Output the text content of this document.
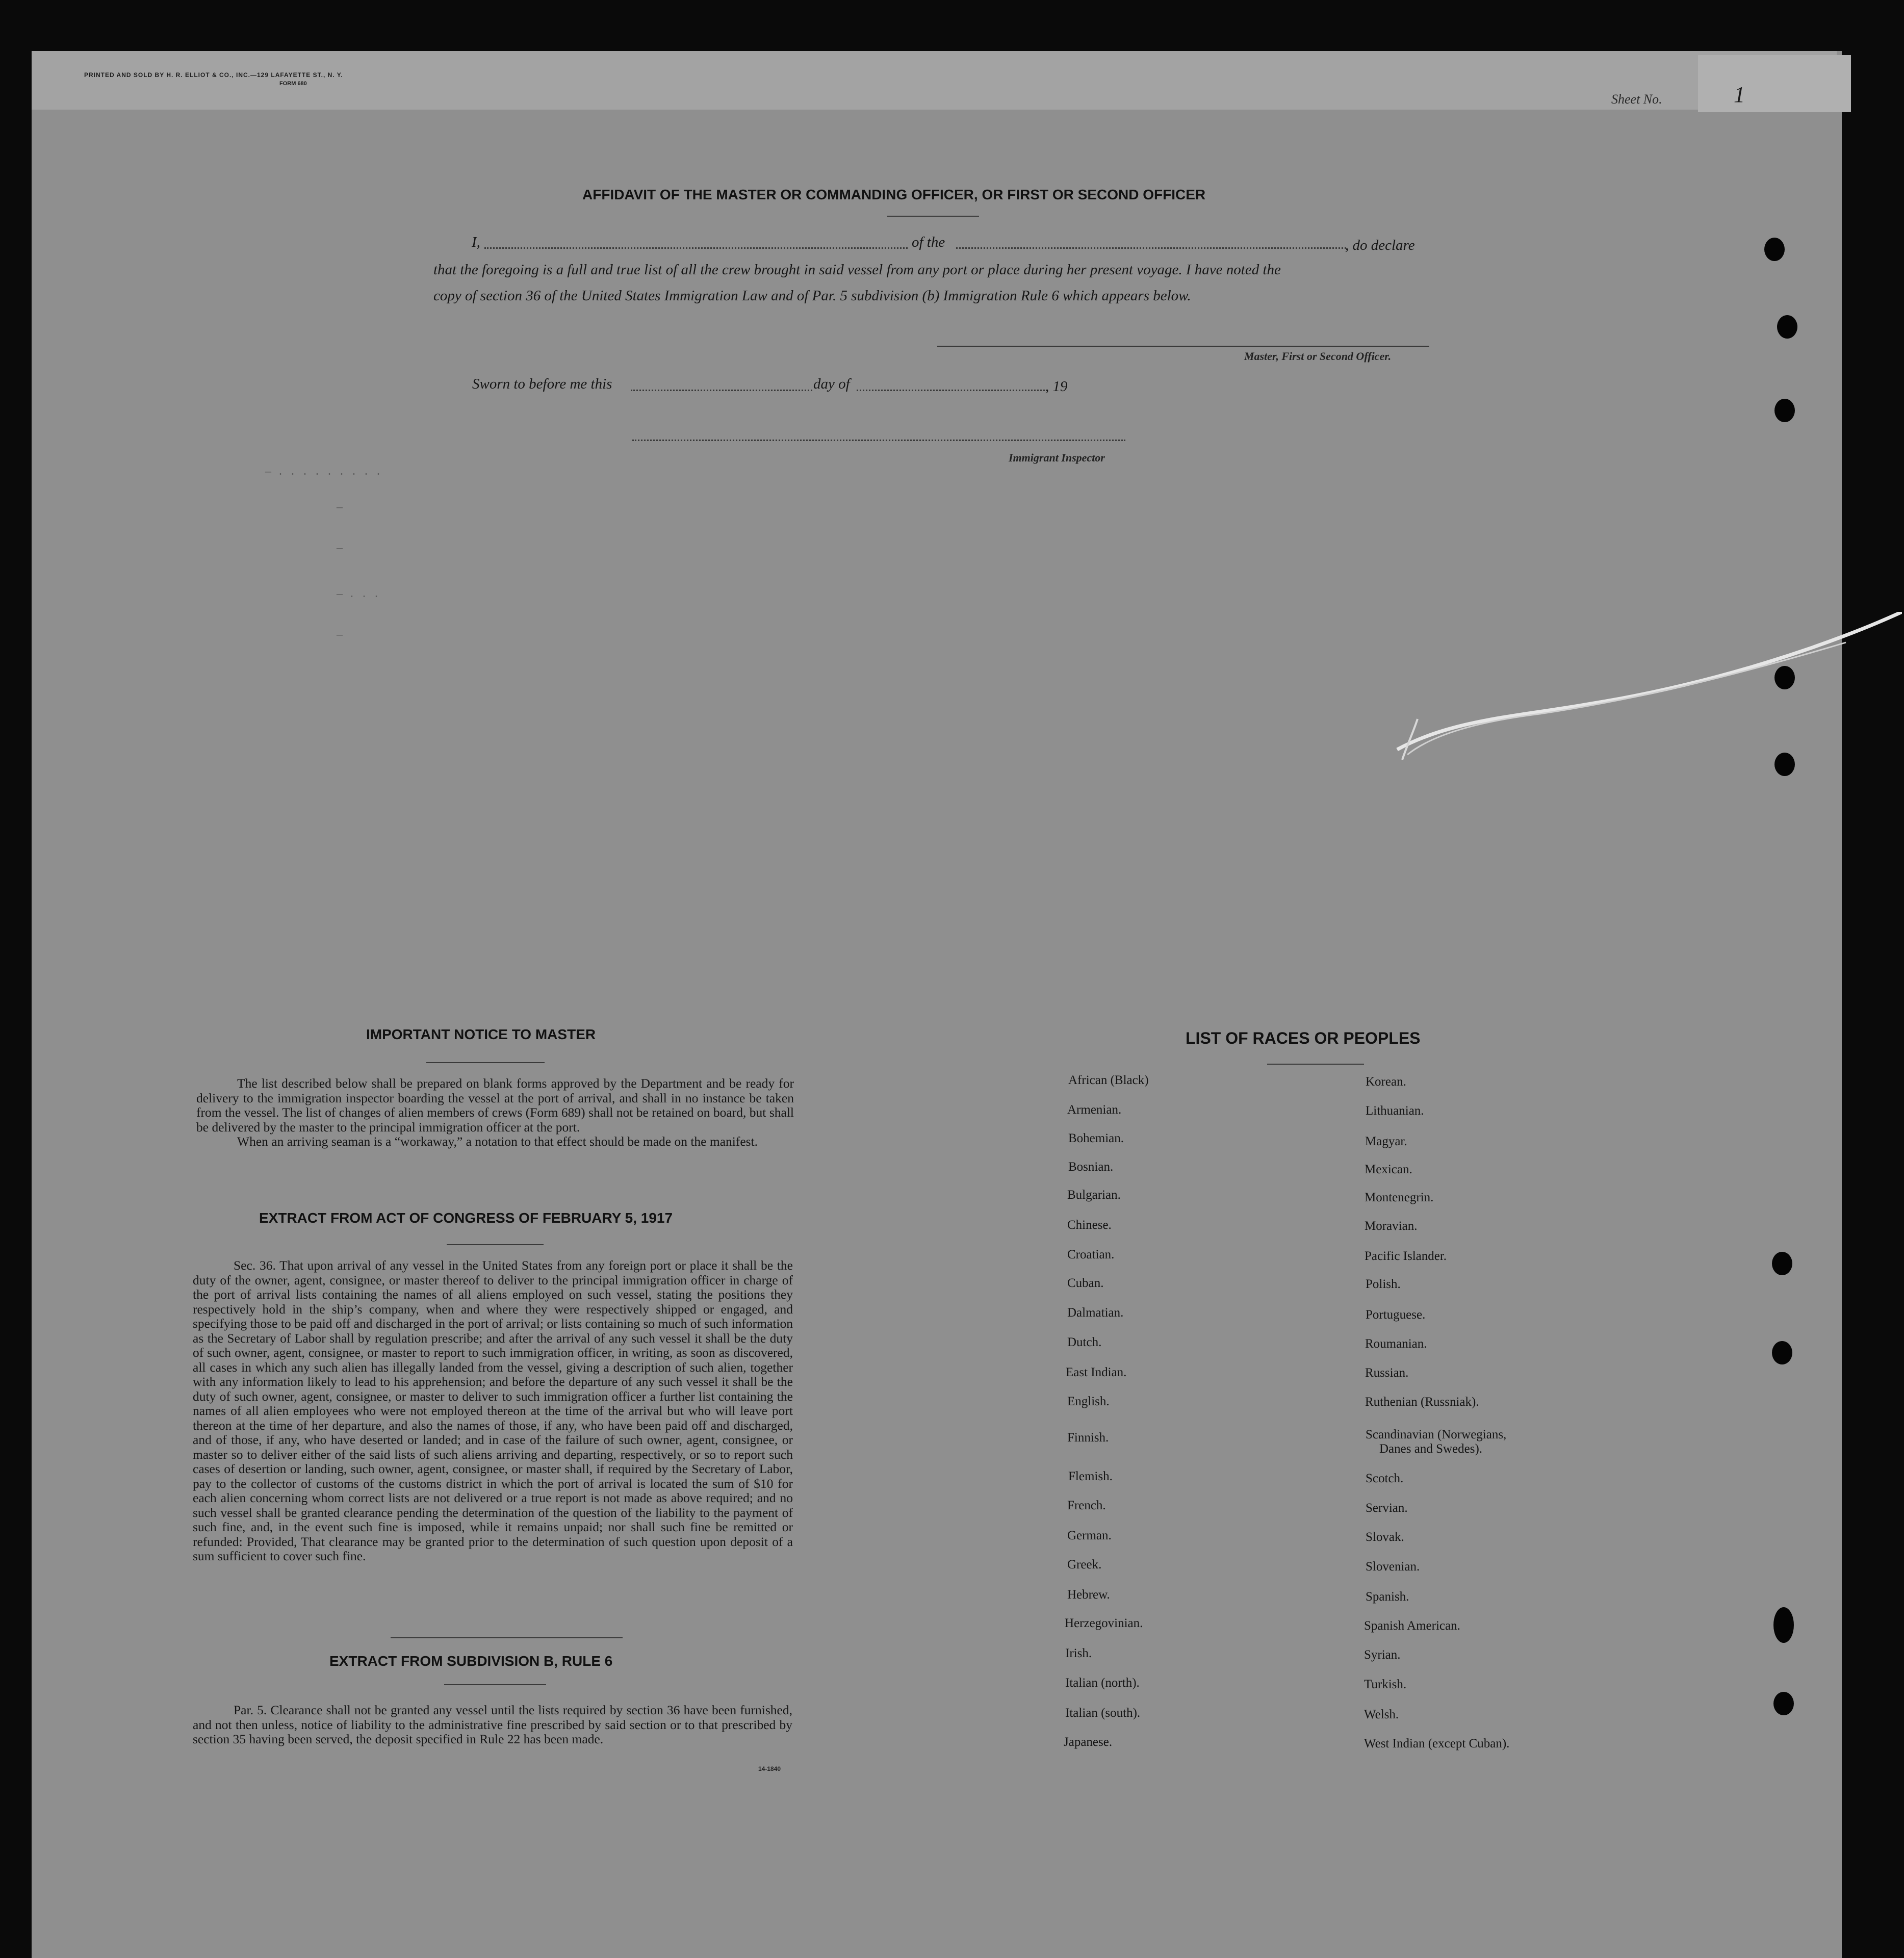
PRINTED AND SOLD BY H. R. ELLIOT & CO., INC.—129 LAFAYETTE ST., N. Y.
FORM 680
Sheet No.	1
— . . . . . . . . .
—
—
— . . .
—
AFFIDAVIT OF THE MASTER OR COMMANDING OFFICER, OR FIRST OR SECOND OFFICER
I,	of the	, do declare
that the foregoing is a full and true list of all the crew brought in said vessel from any port or place during her present voyage. I have noted the
copy of section 36 of the United States Immigration Law and of Par. 5 subdivision (b) Immigration Rule 6 which appears below.
Master, First or Second Officer.
Sworn to before me this	day of	, 19
Immigrant Inspector
IMPORTANT NOTICE TO MASTER

The list described below shall be prepared on blank forms approved by the Department and be ready for delivery to the immigration inspector boarding the vessel at the port of arrival, and shall in no instance be taken from the vessel. The list of changes of alien members of crews (Form 689) shall not be retained on board, but shall be delivered by the master to the principal immigration officer at the port.

When an arriving seaman is a “workaway,” a notation to that effect should be made on the manifest.

EXTRACT FROM ACT OF CONGRESS OF FEBRUARY 5, 1917

Sec. 36. That upon arrival of any vessel in the United States from any foreign port or place it shall be the duty of the owner, agent, consignee, or master thereof to deliver to the principal immigration officer in charge of the port of arrival lists containing the names of all aliens employed on such vessel, stating the positions they respectively hold in the ship’s company, when and where they were respectively shipped or engaged, and specifying those to be paid off and discharged in the port of arrival; or lists containing so much of such information as the Secretary of Labor shall by regulation prescribe; and after the arrival of any such vessel it shall be the duty of such owner, agent, consignee, or master to report to such immigration officer, in writing, as soon as discovered, all cases in which any such alien has illegally landed from the vessel, giving a description of such alien, together with any information likely to lead to his apprehension; and before the departure of any such vessel it shall be the duty of such owner, agent, consignee, or master to deliver to such immigration officer a further list containing the names of all alien employees who were not employed thereon at the time of the arrival but who will leave port thereon at the time of her departure, and also the names of those, if any, who have been paid off and discharged, and of those, if any, who have deserted or landed; and in case of the failure of such owner, agent, consignee, or master so to deliver either of the said lists of such aliens arriving and departing, respectively, or so to report such cases of desertion or landing, such owner, agent, consignee, or master shall, if required by the Secretary of Labor, pay to the collector of customs of the customs district in which the port of arrival is located the sum of $10 for each alien concerning whom correct lists are not delivered or a true report is not made as above required; and no such vessel shall be granted clearance pending the determination of the question of the liability to the payment of such fine, and, in the event such fine is imposed, while it remains unpaid; nor shall such fine be remitted or refunded: Provided, That clearance may be granted prior to the determination of such question upon deposit of a sum sufficient to cover such fine.

EXTRACT FROM SUBDIVISION B, RULE 6

Par. 5. Clearance shall not be granted any vessel until the lists required by section 36 have been furnished, and not then unless, notice of liability to the administrative fine prescribed by said section or to that prescribed by section 35 having been served, the deposit specified in Rule 22 has been made.

14-1840
LIST OF RACES OR PEOPLES
African (Black)
Armenian.
Bohemian.
Bosnian.
Bulgarian.
Chinese.
Croatian.
Cuban.
Dalmatian.
Dutch.
East Indian.
English.
Finnish.
Flemish.
French.
German.
Greek.
Hebrew.
Herzegovinian.
Irish.
Italian (north).
Italian (south).
Japanese.
Korean.
Lithuanian.
Magyar.
Mexican.
Montenegrin.
Moravian.
Pacific Islander.
Polish.
Portuguese.
Roumanian.
Russian.
Ruthenian (Russniak).
Scandinavian (Norwegians,
Danes and Swedes).
Scotch.
Servian.
Slovak.
Slovenian.
Spanish.
Spanish American.
Syrian.
Turkish.
Welsh.
West Indian (except Cuban).
